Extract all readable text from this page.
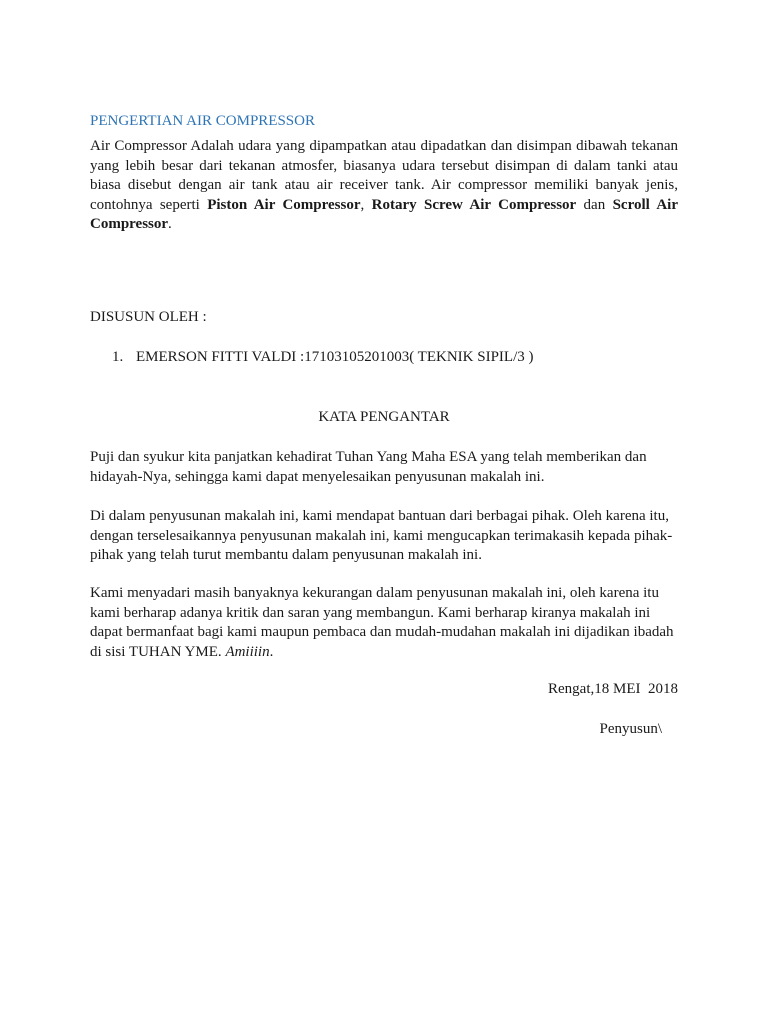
PENGERTIAN AIR COMPRESSOR

Air Compressor Adalah udara yang dipampatkan atau dipadatkan dan disimpan dibawah tekanan yang lebih besar dari tekanan atmosfer, biasanya udara tersebut disimpan di dalam tanki atau biasa disebut dengan air tank atau air receiver tank. Air compressor memiliki banyak jenis, contohnya seperti Piston Air Compressor, Rotary Screw Air Compressor dan Scroll Air Compressor.

DISUSUN OLEH :

1. EMERSON FITTI VALDI :17103105201003( TEKNIK SIPIL/3 )

KATA PENGANTAR

Puji dan syukur kita panjatkan kehadirat Tuhan Yang Maha ESA yang telah memberikan dan hidayah-Nya, sehingga kami dapat menyelesaikan penyusunan makalah ini.

Di dalam penyusunan makalah ini, kami mendapat bantuan dari berbagai pihak. Oleh karena itu, dengan terselesaikannya penyusunan makalah ini, kami mengucapkan terimakasih kepada pihak-pihak yang telah turut membantu dalam penyusunan makalah ini.

Kami menyadari masih banyaknya kekurangan dalam penyusunan makalah ini, oleh karena itu kami berharap adanya kritik dan saran yang membangun. Kami berharap kiranya makalah ini dapat bermanfaat bagi kami maupun pembaca dan mudah-mudahan makalah ini dijadikan ibadah di sisi TUHAN YME. Amiiiin.

Rengat,18 MEI  2018

Penyusun\
